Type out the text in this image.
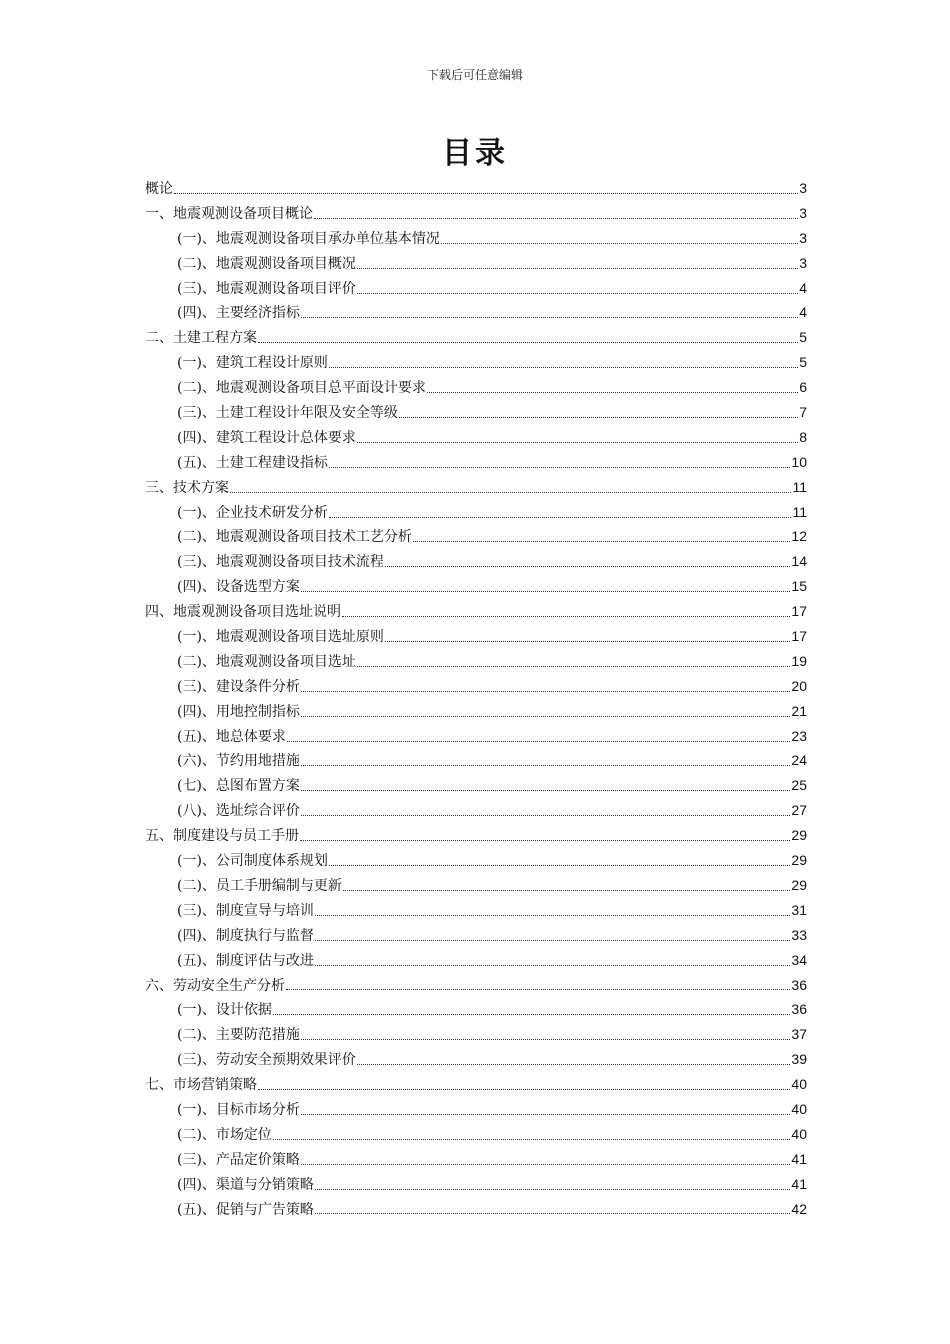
下载后可任意编辑
目录
概论	3
一、地震观测设备项目概论	3
(一)、地震观测设备项目承办单位基本情况	3
(二)、地震观测设备项目概况	3
(三)、地震观测设备项目评价	4
(四)、主要经济指标	4
二、土建工程方案	5
(一)、建筑工程设计原则	5
(二)、地震观测设备项目总平面设计要求	6
(三)、土建工程设计年限及安全等级	7
(四)、建筑工程设计总体要求	8
(五)、土建工程建设指标	10
三、技术方案	11
(一)、企业技术研发分析	11
(二)、地震观测设备项目技术工艺分析	12
(三)、地震观测设备项目技术流程	14
(四)、设备选型方案	15
四、地震观测设备项目选址说明	17
(一)、地震观测设备项目选址原则	17
(二)、地震观测设备项目选址	19
(三)、建设条件分析	20
(四)、用地控制指标	21
(五)、地总体要求	23
(六)、节约用地措施	24
(七)、总图布置方案	25
(八)、选址综合评价	27
五、制度建设与员工手册	29
(一)、公司制度体系规划	29
(二)、员工手册编制与更新	29
(三)、制度宣导与培训	31
(四)、制度执行与监督	33
(五)、制度评估与改进	34
六、劳动安全生产分析	36
(一)、设计依据	36
(二)、主要防范措施	37
(三)、劳动安全预期效果评价	39
七、市场营销策略	40
(一)、目标市场分析	40
(二)、市场定位	40
(三)、产品定价策略	41
(四)、渠道与分销策略	41
(五)、促销与广告策略	42
